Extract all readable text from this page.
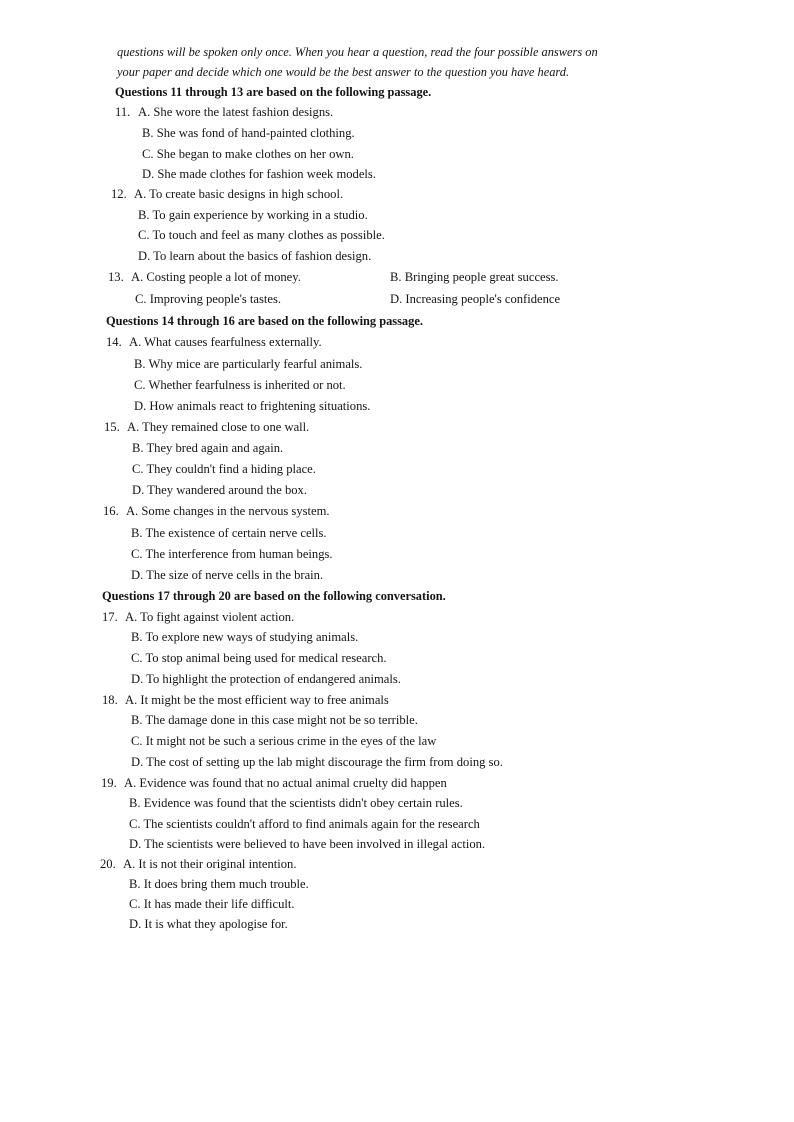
questions will be spoken only once. When you hear a question, read the four possible answers on
your paper and decide which one would be the best answer to the question you have heard.
Questions 11 through 13 are based on the following passage.
11. A. She wore the latest fashion designs.
B. She was fond of hand-painted clothing.
C. She began to make clothes on her own.
D. She made clothes for fashion week models.
12. A. To create basic designs in high school.
B. To gain experience by working in a studio.
C. To touch and feel as many clothes as possible.
D. To learn about the basics of fashion design.
13. A. Costing people a lot of money.	B. Bringing people great success.
C. Improving people's tastes.	D. Increasing people's confidence
Questions 14 through 16 are based on the following passage.
14. A. What causes fearfulness externally.
B. Why mice are particularly fearful animals.
C. Whether fearfulness is inherited or not.
D. How animals react to frightening situations.
15. A. They remained close to one wall.
B. They bred again and again.
C. They couldn't find a hiding place.
D. They wandered around the box.
16. A. Some changes in the nervous system.
B. The existence of certain nerve cells.
C. The interference from human beings.
D. The size of nerve cells in the brain.
Questions 17 through 20 are based on the following conversation.
17. A. To fight against violent action.
B. To explore new ways of studying animals.
C. To stop animal being used for medical research.
D. To highlight the protection of endangered animals.
18. A. It might be the most efficient way to free animals
B. The damage done in this case might not be so terrible.
C. It might not be such a serious crime in the eyes of the law
D. The cost of setting up the lab might discourage the firm from doing so.
19. A. Evidence was found that no actual animal cruelty did happen
B. Evidence was found that the scientists didn't obey certain rules.
C. The scientists couldn't afford to find animals again for the research
D. The scientists were believed to have been involved in illegal action.
20. A. It is not their original intention.
B. It does bring them much trouble.
C. It has made their life difficult.
D. It is what they apologise for.
